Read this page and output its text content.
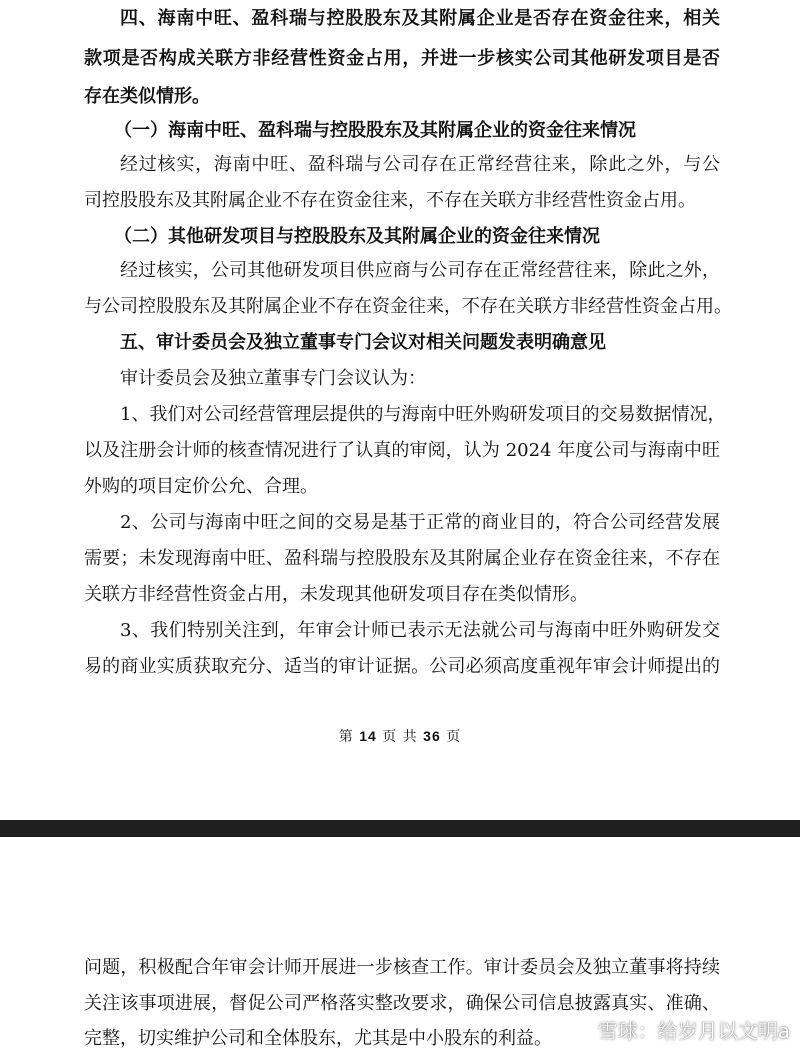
四、海南中旺、盈科瑞与控股股东及其附属企业是否存在资金往来，相关
款项是否构成关联方非经营性资金占用，并进一步核实公司其他研发项目是否
存在类似情形。
（一）海南中旺、盈科瑞与控股股东及其附属企业的资金往来情况
经过核实，海南中旺、盈科瑞与公司存在正常经营往来，除此之外，与公
司控股股东及其附属企业不存在资金往来，不存在关联方非经营性资金占用。
（二）其他研发项目与控股股东及其附属企业的资金往来情况
经过核实，公司其他研发项目供应商与公司存在正常经营往来，除此之外，
与公司控股股东及其附属企业不存在资金往来，不存在关联方非经营性资金占用。
五、审计委员会及独立董事专门会议对相关问题发表明确意见
审计委员会及独立董事专门会议认为：
1、我们对公司经营管理层提供的与海南中旺外购研发项目的交易数据情况，
以及注册会计师的核查情况进行了认真的审阅，认为 2024 年度公司与海南中旺
外购的项目定价公允、合理。
2、公司与海南中旺之间的交易是基于正常的商业目的，符合公司经营发展
需要；未发现海南中旺、盈科瑞与控股股东及其附属企业存在资金往来，不存在
关联方非经营性资金占用，未发现其他研发项目存在类似情形。
3、我们特别关注到，年审会计师已表示无法就公司与海南中旺外购研发交
易的商业实质获取充分、适当的审计证据。公司必须高度重视年审会计师提出的
第 14 页 共 36 页
问题，积极配合年审会计师开展进一步核查工作。审计委员会及独立董事将持续
关注该事项进展，督促公司严格落实整改要求，确保公司信息披露真实、准确、
完整，切实维护公司和全体股东，尤其是中小股东的利益。	雪球：给岁月以文明a
